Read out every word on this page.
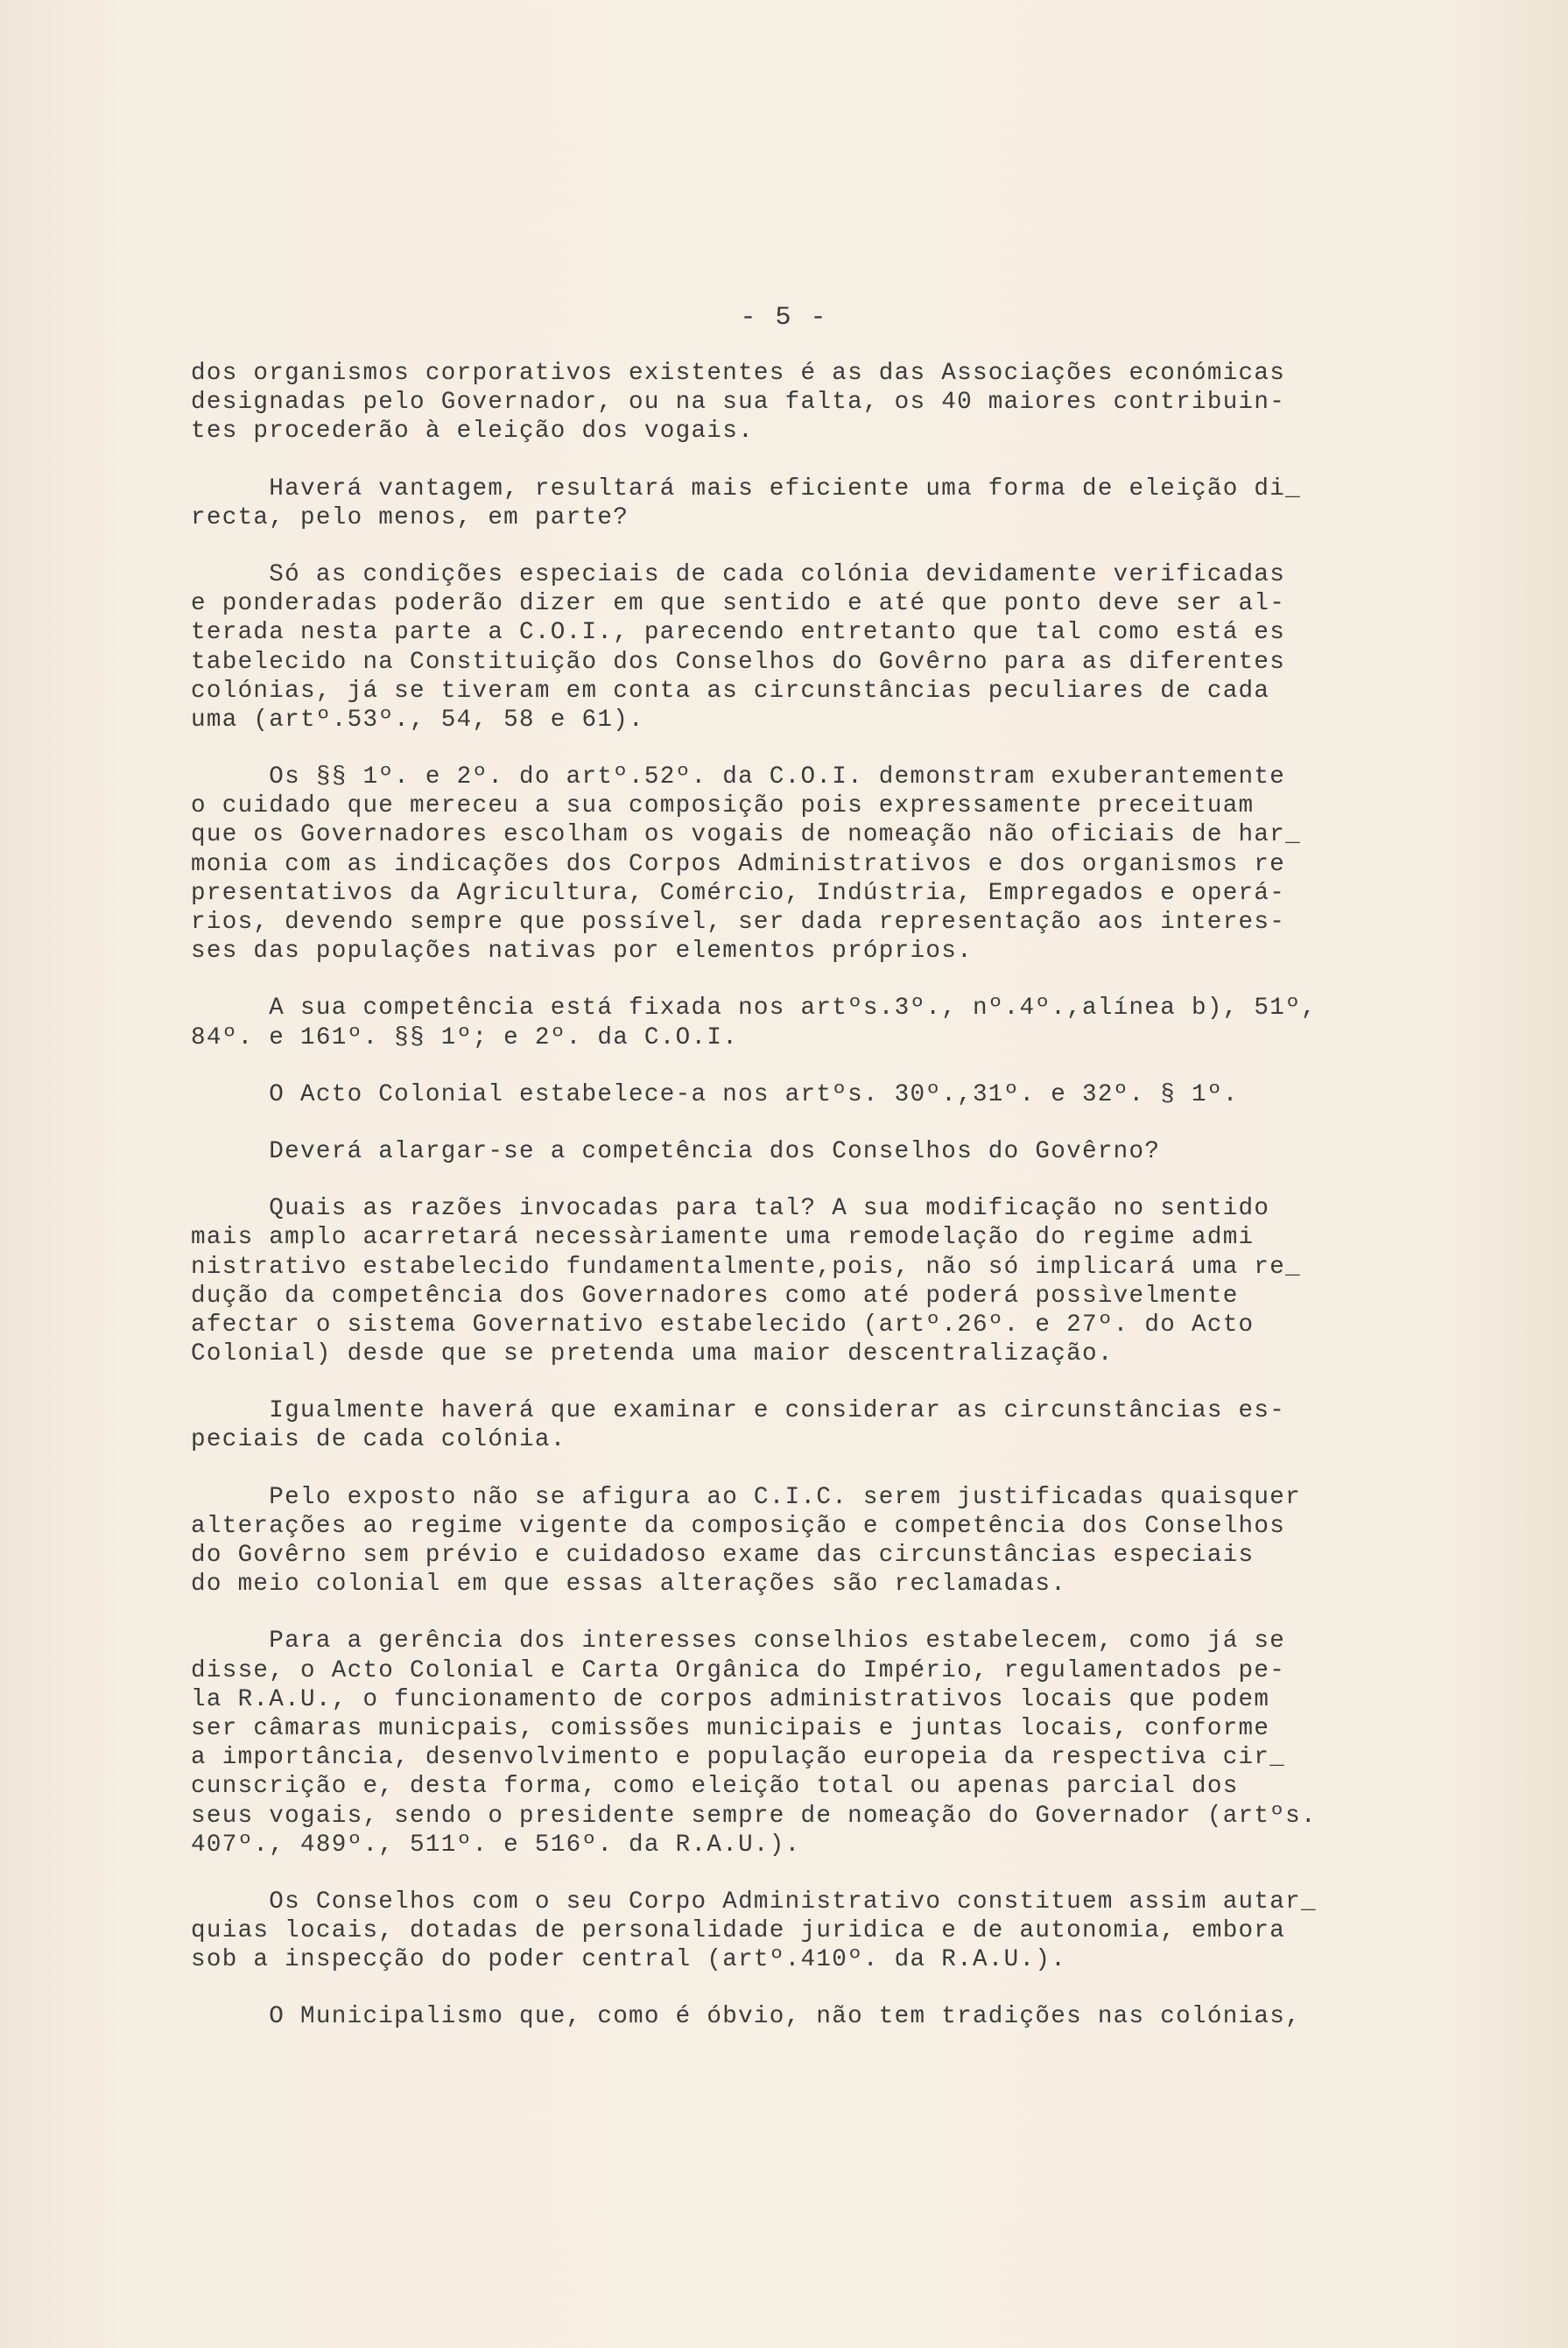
- 5 -
dos organismos corporativos existentes é as das Associações económicas
designadas pelo Governador, ou na sua falta, os 40 maiores contribuin-
tes procederão à eleição dos vogais.
Haverá vantagem, resultará mais eficiente uma forma de eleição di_
recta, pelo menos, em parte?
Só as condições especiais de cada colónia devidamente verificadas
e ponderadas poderão dizer em que sentido e até que ponto deve ser al-
terada nesta parte a C.O.I., parecendo entretanto que tal como está es
tabelecido na Constituição dos Conselhos do Govêrno para as diferentes
colónias, já se tiveram em conta as circunstâncias peculiares de cada
uma (artº.53º., 54, 58 e 61).
Os §§ 1º. e 2º. do artº.52º. da C.O.I. demonstram exuberantemente
o cuidado que mereceu a sua composição pois expressamente preceituam
que os Governadores escolham os vogais de nomeação não oficiais de har_
monia com as indicações dos Corpos Administrativos e dos organismos re
presentativos da Agricultura, Comércio, Indústria, Empregados e operá-
rios, devendo sempre que possível, ser dada representação aos interes-
ses das populações nativas por elementos próprios.
A sua competência está fixada nos artºs.3º., nº.4º.,alínea b), 51º,
84º. e 161º. §§ 1º; e 2º. da C.O.I.
O Acto Colonial estabelece-a nos artºs. 30º.,31º. e 32º. § 1º.
Deverá alargar-se a competência dos Conselhos do Govêrno?
Quais as razões invocadas para tal? A sua modificação no sentido
mais amplo acarretará necessàriamente uma remodelação do regime admi
nistrativo estabelecido fundamentalmente,pois, não só implicará uma re_
dução da competência dos Governadores como até poderá possìvelmente
afectar o sistema Governativo estabelecido (artº.26º. e 27º. do Acto
Colonial) desde que se pretenda uma maior descentralização.
Igualmente haverá que examinar e considerar as circunstâncias es-
peciais de cada colónia.
Pelo exposto não se afigura ao C.I.C. serem justificadas quaisquer
alterações ao regime vigente da composição e competência dos Conselhos
do Govêrno sem prévio e cuidadoso exame das circunstâncias especiais
do meio colonial em que essas alterações são reclamadas.
Para a gerência dos interesses conselhios estabelecem, como já se
disse, o Acto Colonial e Carta Orgânica do Império, regulamentados pe-
la R.A.U., o funcionamento de corpos administrativos locais que podem
ser câmaras municpais, comissões municipais e juntas locais, conforme
a importância, desenvolvimento e população europeia da respectiva cir_
cunscrição e, desta forma, como eleição total ou apenas parcial dos
seus vogais, sendo o presidente sempre de nomeação do Governador (artºs.
407º., 489º., 511º. e 516º. da R.A.U.).
Os Conselhos com o seu Corpo Administrativo constituem assim autar_
quias locais, dotadas de personalidade juridica e de autonomia, embora
sob a inspecção do poder central (artº.410º. da R.A.U.).
O Municipalismo que, como é óbvio, não tem tradições nas colónias,
